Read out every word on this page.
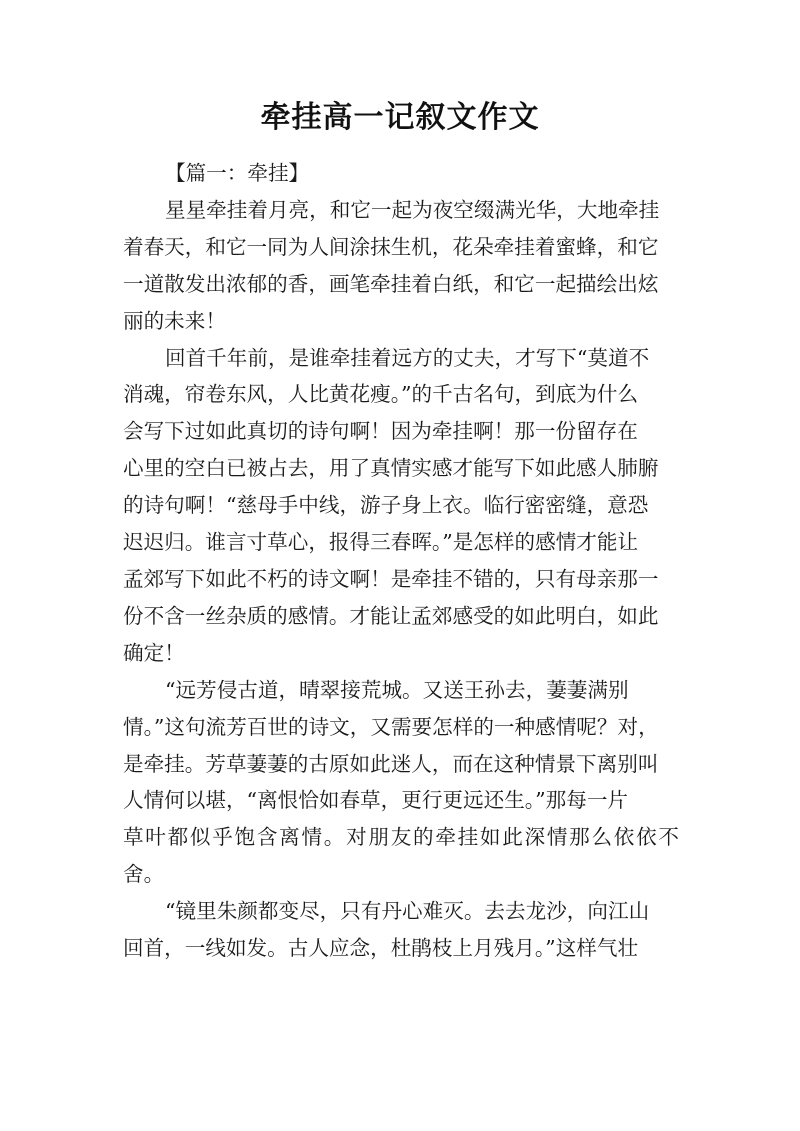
牵挂高一记叙文作文

【篇一：牵挂】

星星牵挂着月亮，和它一起为夜空缀满光华，大地牵挂
着春天，和它一同为人间涂抹生机，花朵牵挂着蜜蜂，和它
一道散发出浓郁的香，画笔牵挂着白纸，和它一起描绘出炫
丽的未来！

回首千年前，是谁牵挂着远方的丈夫，才写下“莫道不
消魂，帘卷东风，人比黄花瘦。”的千古名句，到底为什么
会写下过如此真切的诗句啊！因为牵挂啊！那一份留存在
心里的空白已被占去，用了真情实感才能写下如此感人肺腑
的诗句啊！“慈母手中线，游子身上衣。临行密密缝，意恐
迟迟归。谁言寸草心，报得三春晖。”是怎样的感情才能让
孟郊写下如此不朽的诗文啊！是牵挂不错的，只有母亲那一
份不含一丝杂质的感情。才能让孟郊感受的如此明白，如此
确定！

“远芳侵古道，晴翠接荒城。又送王孙去，萋萋满别
情。”这句流芳百世的诗文，又需要怎样的一种感情呢？对，
是牵挂。芳草萋萋的古原如此迷人，而在这种情景下离别叫
人情何以堪，“离恨恰如春草，更行更远还生。”那每一片
草叶都似乎饱含离情。对朋友的牵挂如此深情那么依依不舍。

“镜里朱颜都变尽，只有丹心难灭。去去龙沙，向江山
回首，一线如发。古人应念，杜鹃枝上月残月。”这样气壮
